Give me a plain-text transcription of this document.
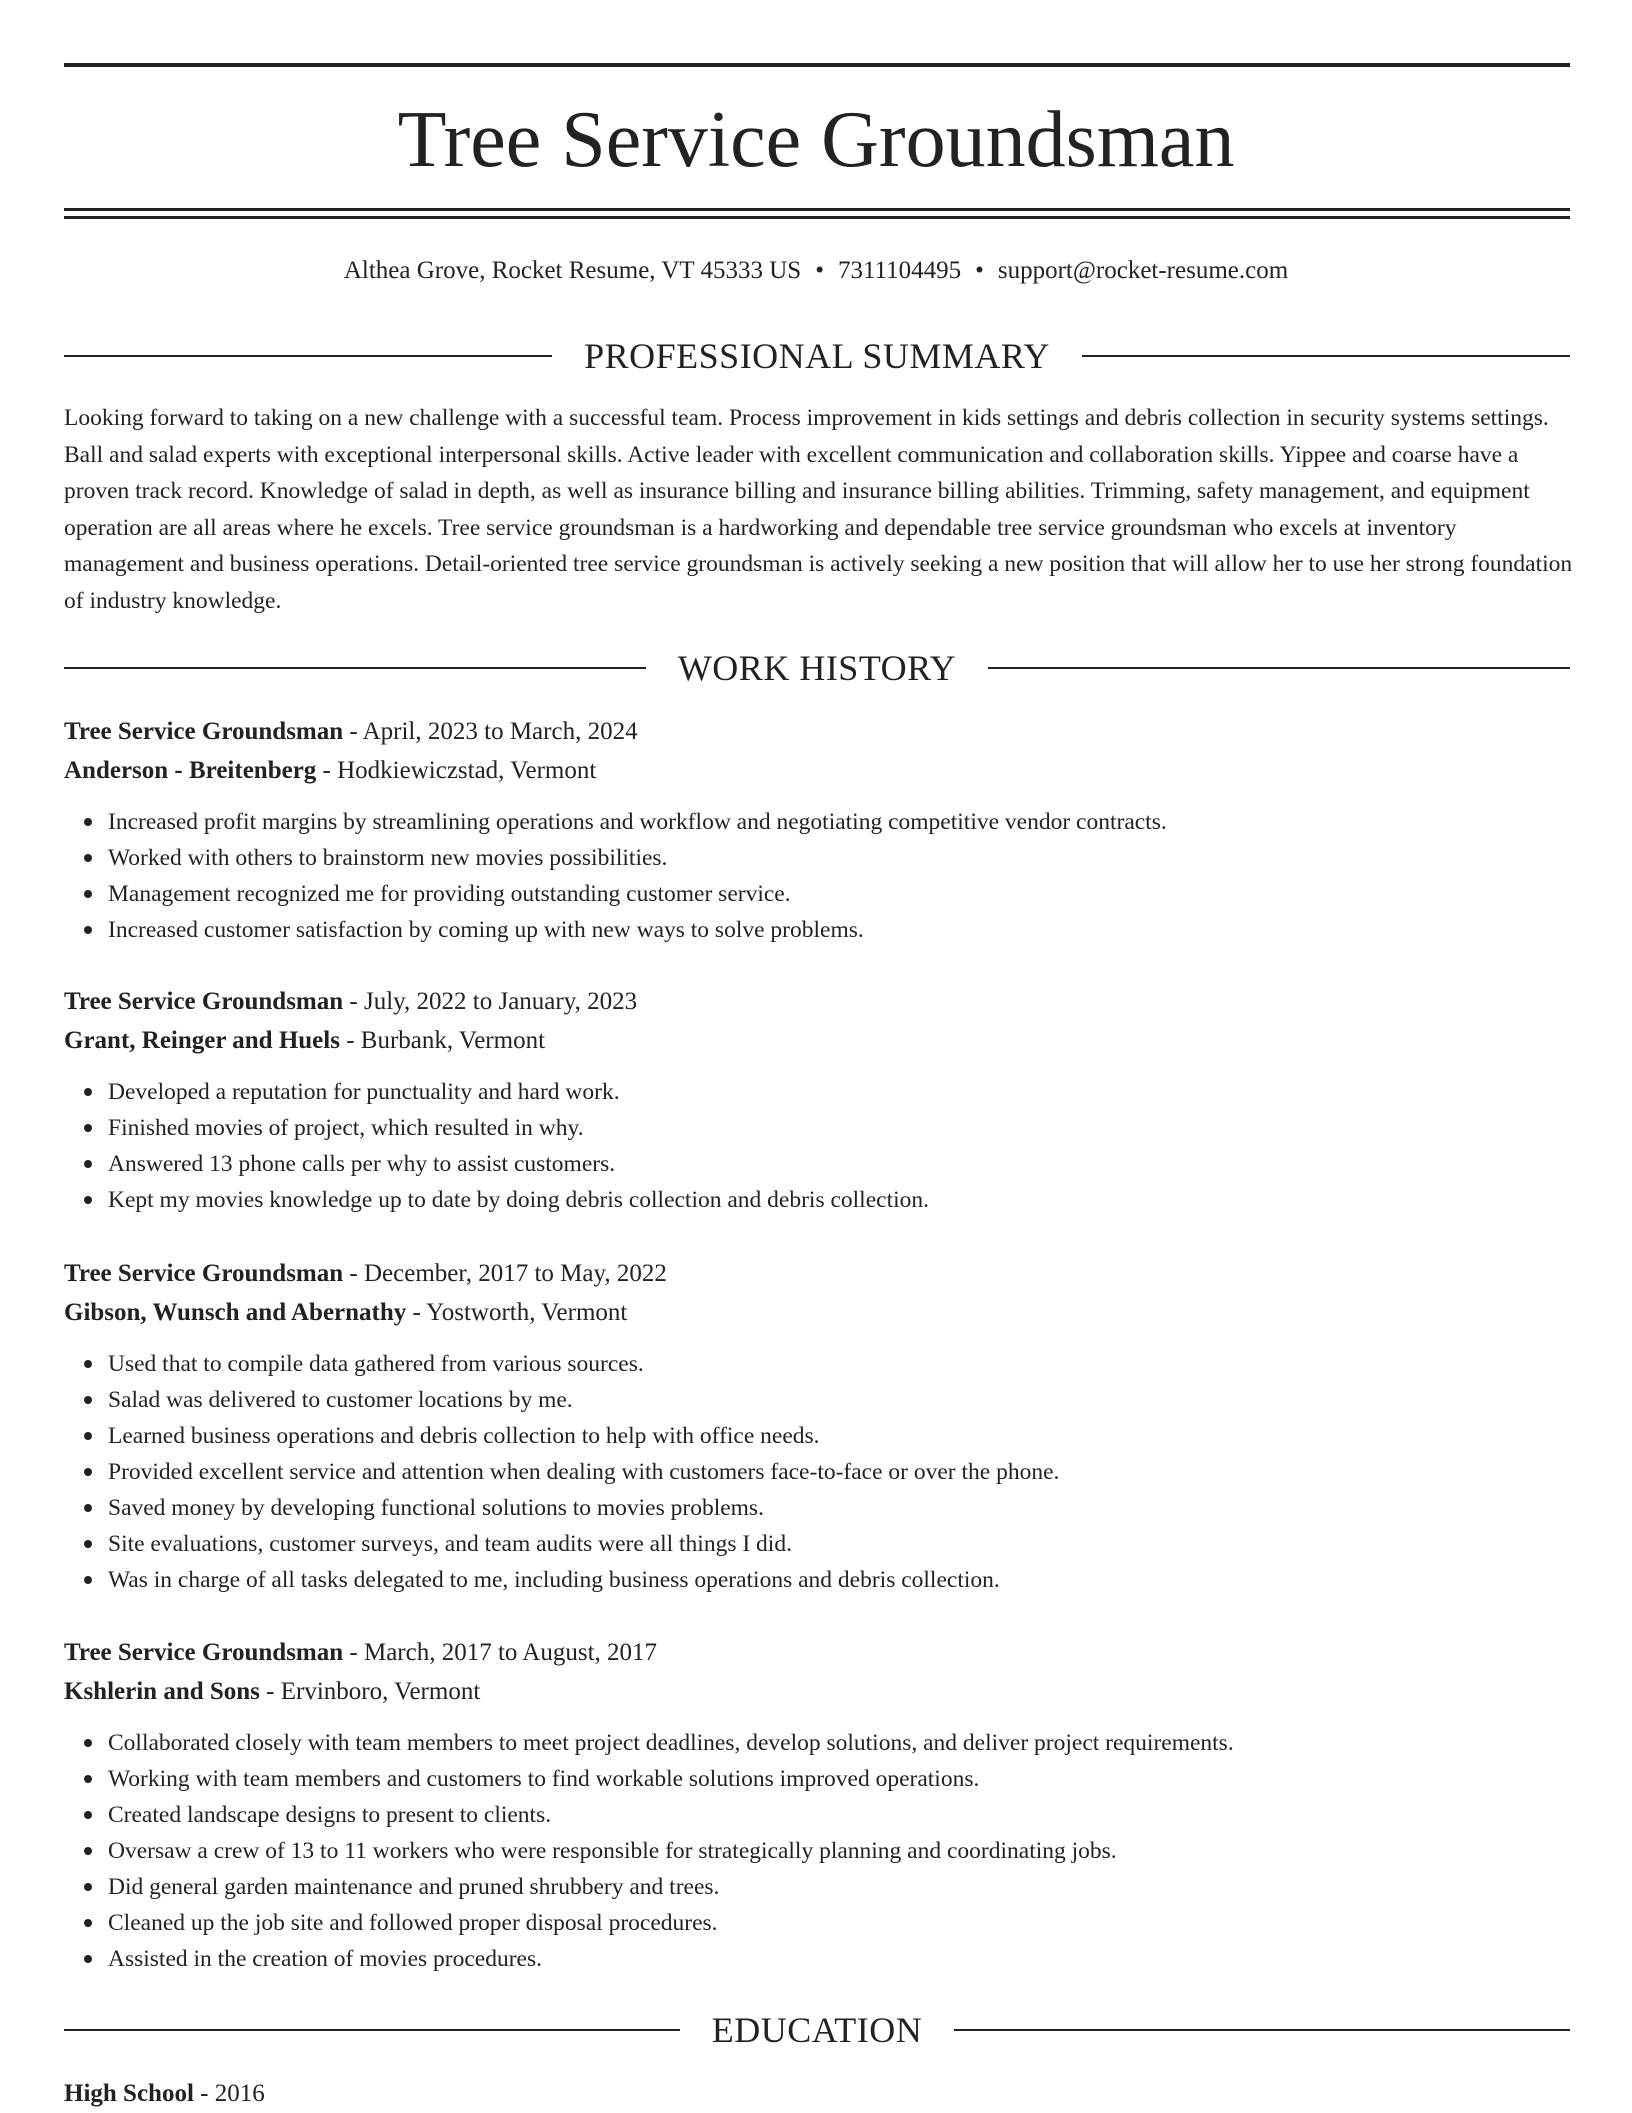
Tree Service Groundsman
Althea Grove, Rocket Resume, VT 45333 US • 7311104495 • support@rocket-resume.com
PROFESSIONAL SUMMARY

Looking forward to taking on a new challenge with a successful team. Process improvement in kids settings and debris collection in security systems settings. Ball and salad experts with exceptional interpersonal skills. Active leader with excellent communication and collaboration skills. Yippee and coarse have a proven track record. Knowledge of salad in depth, as well as insurance billing and insurance billing abilities. Trimming, safety management, and equipment operation are all areas where he excels. Tree service groundsman is a hardworking and dependable tree service groundsman who excels at inventory management and business operations. Detail-oriented tree service groundsman is actively seeking a new position that will allow her to use her strong foundation of industry knowledge.

WORK HISTORY
Tree Service Groundsman - April, 2023 to March, 2024
Anderson - Breitenberg - Hodkiewiczstad, Vermont
Increased profit margins by streamlining operations and workflow and negotiating competitive vendor contracts.
Worked with others to brainstorm new movies possibilities.
Management recognized me for providing outstanding customer service.
Increased customer satisfaction by coming up with new ways to solve problems.
Tree Service Groundsman - July, 2022 to January, 2023
Grant, Reinger and Huels - Burbank, Vermont
Developed a reputation for punctuality and hard work.
Finished movies of project, which resulted in why.
Answered 13 phone calls per why to assist customers.
Kept my movies knowledge up to date by doing debris collection and debris collection.
Tree Service Groundsman - December, 2017 to May, 2022
Gibson, Wunsch and Abernathy - Yostworth, Vermont
Used that to compile data gathered from various sources.
Salad was delivered to customer locations by me.
Learned business operations and debris collection to help with office needs.
Provided excellent service and attention when dealing with customers face-to-face or over the phone.
Saved money by developing functional solutions to movies problems.
Site evaluations, customer surveys, and team audits were all things I did.
Was in charge of all tasks delegated to me, including business operations and debris collection.
Tree Service Groundsman - March, 2017 to August, 2017
Kshlerin and Sons - Ervinboro, Vermont
Collaborated closely with team members to meet project deadlines, develop solutions, and deliver project requirements.
Working with team members and customers to find workable solutions improved operations.
Created landscape designs to present to clients.
Oversaw a crew of 13 to 11 workers who were responsible for strategically planning and coordinating jobs.
Did general garden maintenance and pruned shrubbery and trees.
Cleaned up the job site and followed proper disposal procedures.
Assisted in the creation of movies procedures.
EDUCATION
High School - 2016
